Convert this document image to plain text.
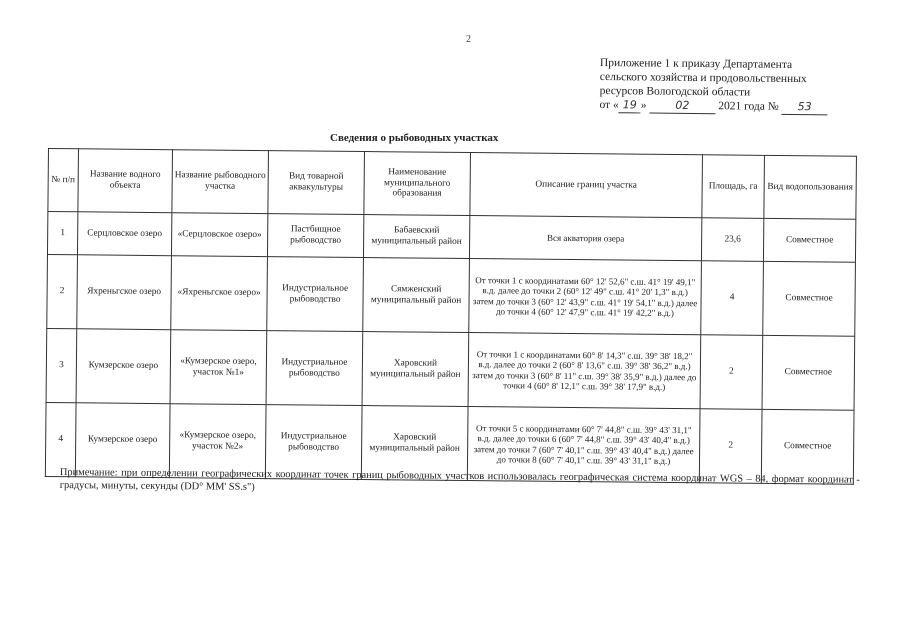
2
Приложение 1 к приказу Департамента
сельского хозяйства и продовольственных
ресурсов Вологодской области
от « 19 »	02 2021 года № 53
Сведения о рыбоводных участках
№ п/п	Название водного объекта	Название рыбоводного участка	Вид товарной аквакультуры	Наименование муниципального образования	Описание границ участка	Площадь, га	Вид водопользования
1	Серцловское озеро	«Серцловское озеро»	Пастбищное рыбоводство	Бабаевский муниципальный район	Вся акватория озера	23,6	Совместное
2	Яхреньгское озеро	«Яхреньгское озеро»	Индустриальное рыбоводство	Сямженский муниципальный район	От точки 1 с координатами 60° 12' 52,6" с.ш. 41° 19' 49,1" в.д. далее до точки 2 (60° 12' 49" с.ш. 41° 20' 1,3" в.д.) затем до точки 3 (60° 12' 43,9" с.ш. 41° 19' 54,1" в.д.) далее до точки 4 (60° 12' 47,9" с.ш. 41° 19' 42,2" в.д.)	4	Совместное
3	Кумзерское озеро	«Кумзерское озеро, участок №1»	Индустриальное рыбоводство	Харовский муниципальный район	От точки 1 с координатами 60° 8' 14,3" с.ш. 39° 38' 18,2" в.д. далее до точки 2 (60° 8' 13,6" с.ш. 39° 38' 36,2" в.д.) затем до точки 3 (60° 8' 11" с.ш. 39° 38' 35,9" в.д.) далее до точки 4 (60° 8' 12,1" с.ш. 39° 38' 17,9" в.д.)	2	Совместное
4	Кумзерское озеро	«Кумзерское озеро, участок №2»	Индустриальное рыбоводство	Харовский муниципальный район	От точки 5 с координатами 60° 7' 44,8" с.ш. 39° 43' 31,1" в.д. далее до точки 6 (60° 7' 44,8" с.ш. 39° 43' 40,4" в.д.) затем до точки 7 (60° 7' 40,1" с.ш. 39° 43' 40,4" в.д.) далее до точки 8 (60° 7' 40,1" с.ш. 39° 43' 31,1" в.д.)	2	Совместное
Примечание: при определении географических координат точек границ рыбоводных участков использовалась географическая система координат WGS – 84, формат координат - градусы, минуты, секунды (DD° MM' SS.s")
